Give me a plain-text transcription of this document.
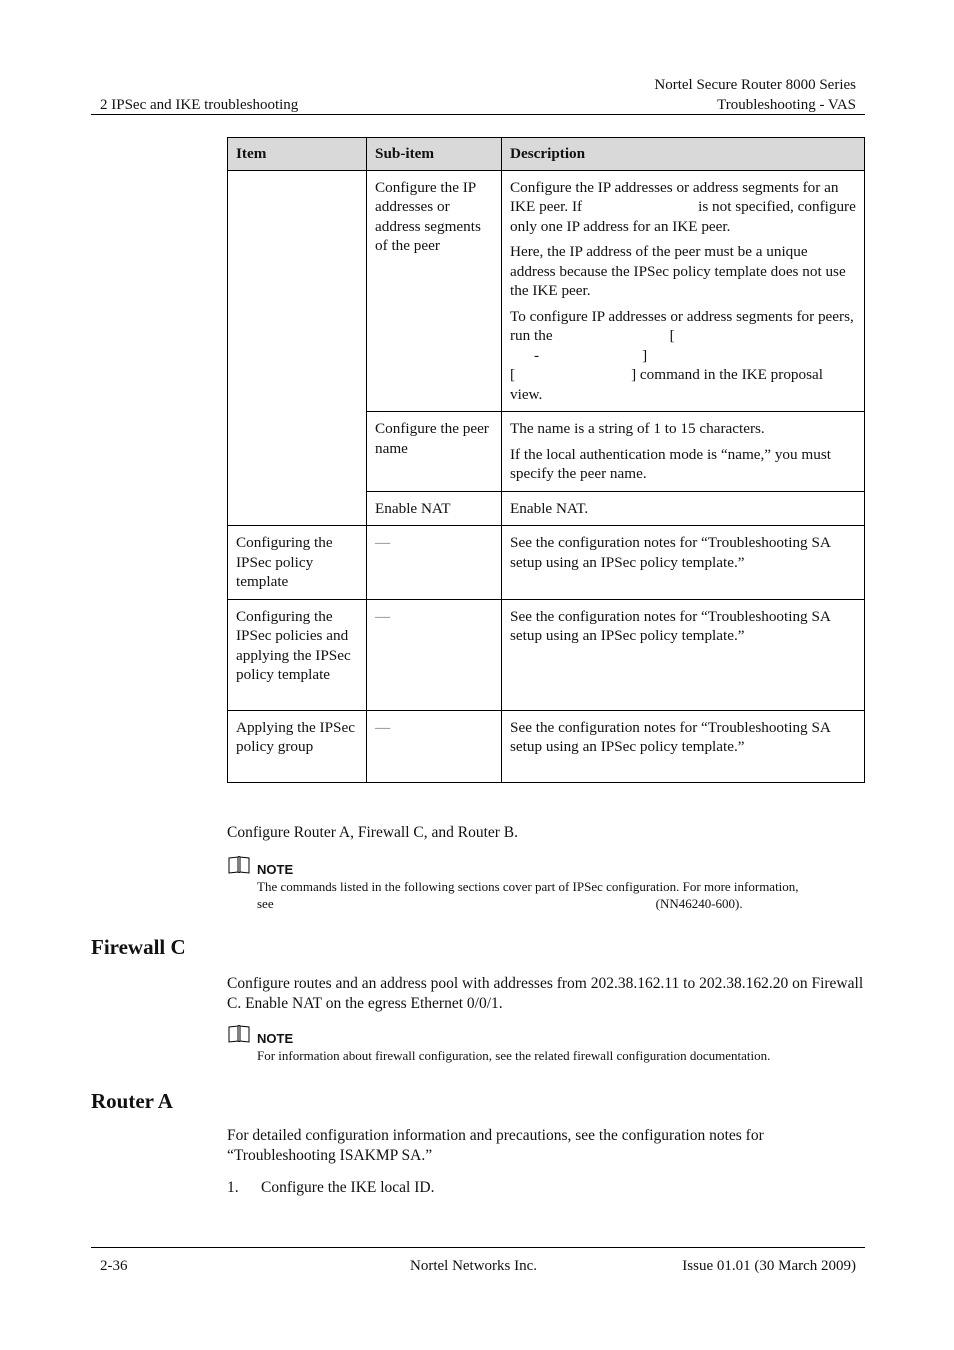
Nortel Secure Router 8000 Series
2 IPSec and IKE troubleshooting	Troubleshooting - VAS
Item	Sub-item	Description
	Configure the IP addresses or address segments of the peer	Configure the IP addresses or address segments for an IKE peer. If is not specified, configure only one IP address for an IKE peer.

Here, the IP address of the peer must be a unique address because the IPSec policy template does not use the IKE peer.

To configure IP addresses or address segments for peers, run the [
- ]
[ ] command in the IKE proposal view.

	Configure the peer name	The name is a string of 1 to 15 characters.

If the local authentication mode is “name,” you must specify the peer name.

	Enable NAT	Enable NAT.
Configuring the IPSec policy template	—	See the configuration notes for “Troubleshooting SA setup using an IPSec policy template.”
Configuring the IPSec policies and applying the IPSec policy template	—	See the configuration notes for “Troubleshooting SA setup using an IPSec policy template.”
Applying the IPSec policy group	—	See the configuration notes for “Troubleshooting SA setup using an IPSec policy template.”
Configure Router A, Firewall C, and Router B.
NOTE
The commands listed in the following sections cover part of IPSec configuration. For more information,
see	(NN46240-600).
Firewall C
Configure routes and an address pool with addresses from 202.38.162.11 to 202.38.162.20 on Firewall C. Enable NAT on the egress Ethernet 0/0/1.
NOTE
For information about firewall configuration, see the related firewall configuration documentation.
Router A
For detailed configuration information and precautions, see the configuration notes for “Troubleshooting ISAKMP SA.”
1. Configure the IKE local ID.
2-36	Nortel Networks Inc.	Issue 01.01 (30 March 2009)
